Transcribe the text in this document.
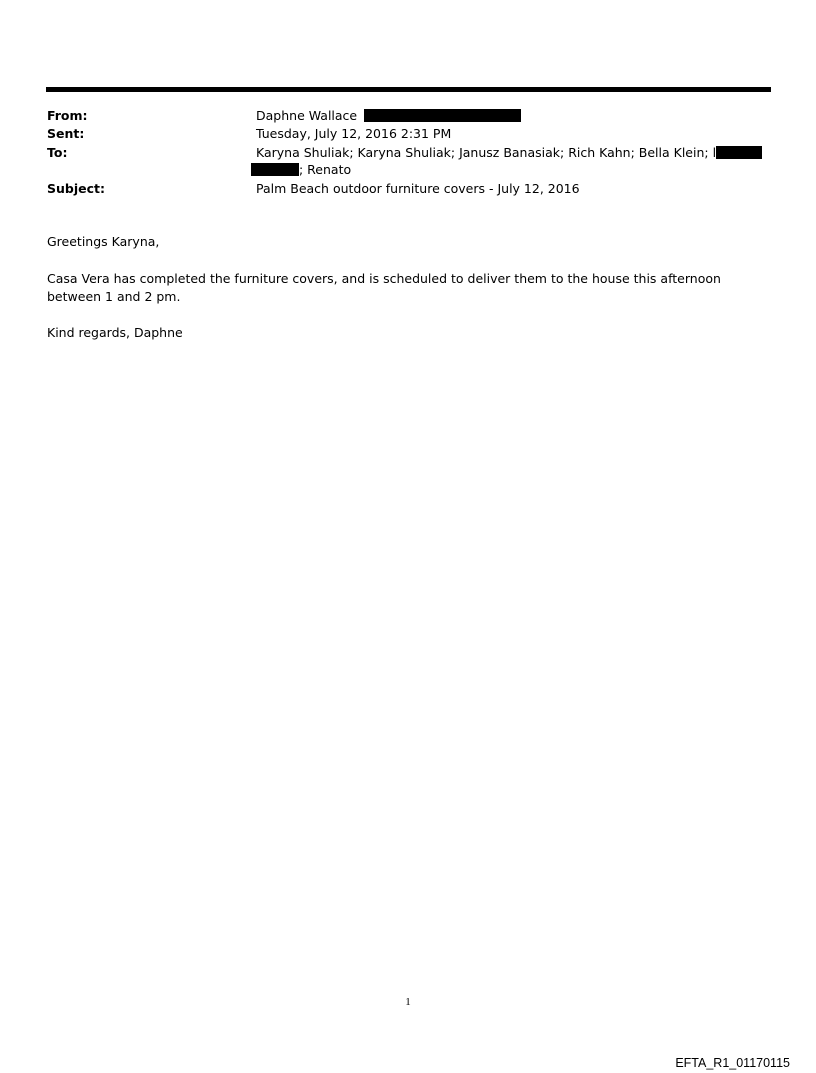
From:	Daphne Wallace
Sent:	Tuesday, July 12, 2016 2:31 PM
To:	Karyna Shuliak; Karyna Shuliak; Janusz Banasiak; Rich Kahn; Bella Klein; l
; Renato
Subject:	Palm Beach outdoor furniture covers - July 12, 2016
Greetings Karyna,
Casa Vera has completed the furniture covers, and is scheduled to deliver them to the house this afternoon between 1 and 2 pm.
Kind regards, Daphne
1
EFTA_R1_01170115
